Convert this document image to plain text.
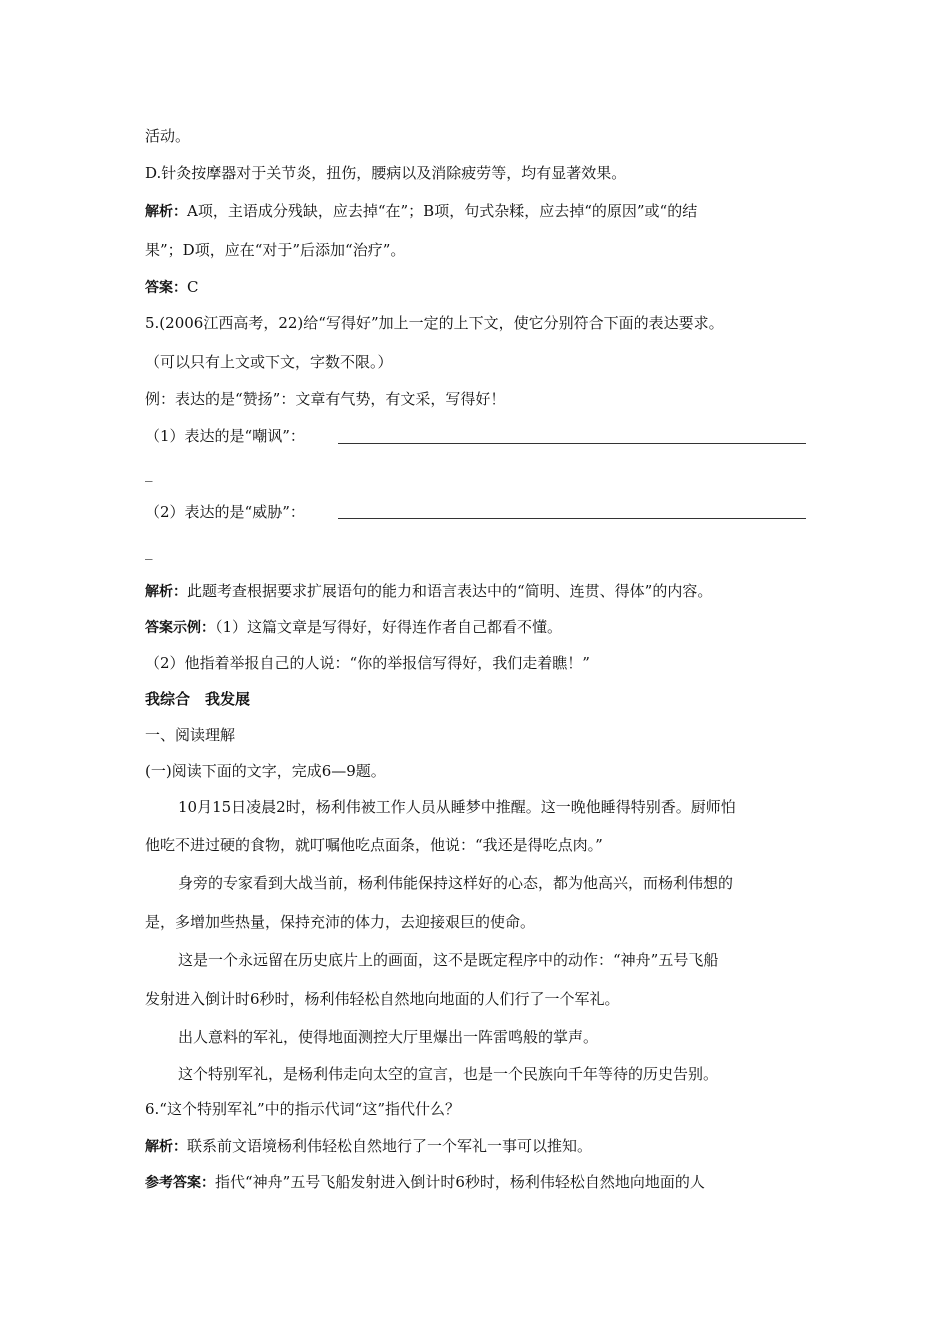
活动。
D.针灸按摩器对于关节炎，扭伤，腰病以及消除疲劳等，均有显著效果。
解析：A项，主语成分残缺，应去掉“在”；B项，句式杂糅，应去掉“的原因”或“的结
果”；D项，应在“对于”后添加“治疗”。
答案：C
5.(2006江西高考，22)给“写得好”加上一定的上下文，使它分别符合下面的表达要求。
（可以只有上文或下文，字数不限。）
例：表达的是“赞扬”：文章有气势，有文采，写得好！
（1）表达的是“嘲讽”：
_
（2）表达的是“威胁”：
_
解析：此题考查根据要求扩展语句的能力和语言表达中的“简明、连贯、得体”的内容。
答案示例：（1）这篇文章是写得好，好得连作者自己都看不懂。
（2）他指着举报自己的人说：“你的举报信写得好，我们走着瞧！”
我综合　我发展
一、阅读理解
(一)阅读下面的文字，完成6—9题。
10月15日凌晨2时，杨利伟被工作人员从睡梦中推醒。这一晚他睡得特别香。厨师怕
他吃不进过硬的食物，就叮嘱他吃点面条，他说：“我还是得吃点肉。”
身旁的专家看到大战当前，杨利伟能保持这样好的心态，都为他高兴，而杨利伟想的
是，多增加些热量，保持充沛的体力，去迎接艰巨的使命。
这是一个永远留在历史底片上的画面，这不是既定程序中的动作：“神舟”五号飞船
发射进入倒计时6秒时，杨利伟轻松自然地向地面的人们行了一个军礼。
出人意料的军礼，使得地面测控大厅里爆出一阵雷鸣般的掌声。
这个特别军礼，是杨利伟走向太空的宣言，也是一个民族向千年等待的历史告别。
6.“这个特别军礼”中的指示代词“这”指代什么？
解析：联系前文语境杨利伟轻松自然地行了一个军礼一事可以推知。
参考答案：指代“神舟”五号飞船发射进入倒计时6秒时，杨利伟轻松自然地向地面的人
